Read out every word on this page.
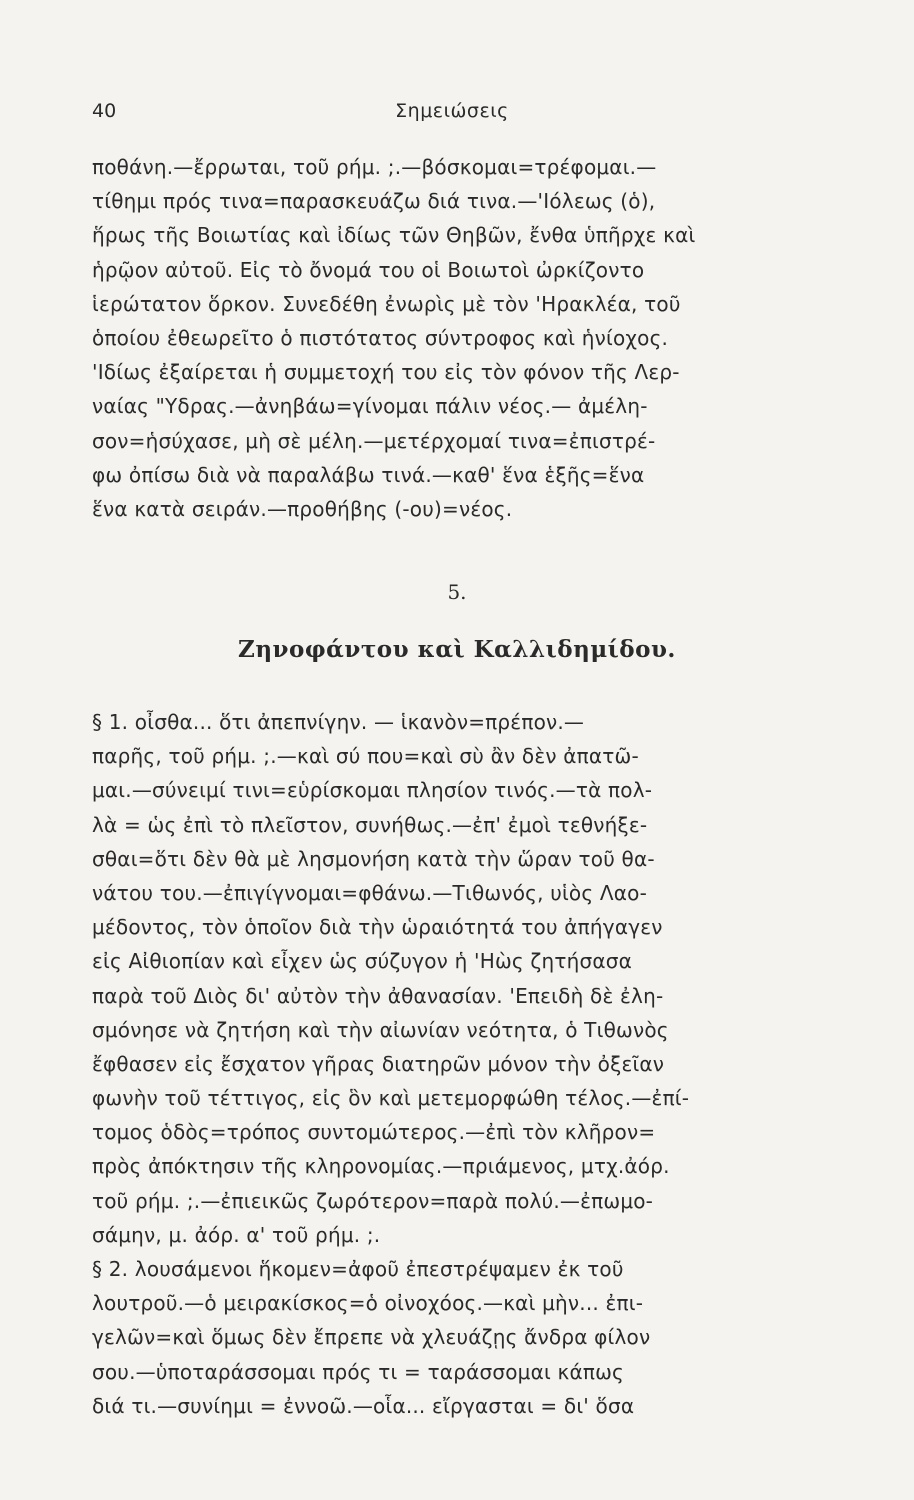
40	Σημειώσεις
ποθάνη.—ἔρρωται, τοῦ ρήμ. ;.—βόσκομαι=τρέφομαι.—
τίθημι πρός τινα=παρασκευάζω διά τινα.—'Ιόλεως (ὁ),
ἥρως τῆς Βοιωτίας καὶ ἰδίως τῶν Θηβῶν, ἔνθα ὑπῆρχε καὶ
ἡρῷον αὐτοῦ. Εἰς τὸ ὄνομά του οἱ Βοιωτοὶ ὠρκίζοντο
ἱερώτατον ὅρκον. Συνεδέθη ἐνωρὶς μὲ τὸν 'Ηρακλέα, τοῦ
ὁποίου ἐθεωρεῖτο ὁ πιστότατος σύντροφος καὶ ἡνίοχος.
'Ιδίως ἐξαίρεται ἡ συμμετοχή του εἰς τὸν φόνον τῆς Λερ-
ναίας "Υδρας.—ἀνηβάω=γίνομαι πάλιν νέος.— ἀμέλη-
σον=ἡσύχασε, μὴ σὲ μέλη.—μετέρχομαί τινα=ἐπιστρέ-
φω ὀπίσω διὰ νὰ παραλάβω τινά.—καθ' ἕνα ἑξῆς=ἕνα
ἕνα κατὰ σειράν.—προθήβης (-ου)=νέος.
5.
Ζηνοφάντου καὶ Καλλιδημίδου.
§ 1. οἶσθα... ὅτι ἀπεπνίγην. — ἱκανὸν=πρέπον.—
παρῆς, τοῦ ρήμ. ;.—καὶ σύ που=καὶ σὺ ἂν δὲν ἀπατῶ-
μαι.—σύνειμί τινι=εὑρίσκομαι πλησίον τινός.—τὰ πολ-
λὰ = ὡς ἐπὶ τὸ πλεῖστον, συνήθως.—ἐπ' ἐμοὶ τεθνήξε-
σθαι=ὅτι δὲν θὰ μὲ λησμονήση κατὰ τὴν ὥραν τοῦ θα-
νάτου του.—ἐπιγίγνομαι=φθάνω.—Τιθωνός, υἱὸς Λαο-
μέδοντος, τὸν ὁποῖον διὰ τὴν ὡραιότητά του ἀπήγαγεν
εἰς Αἰθιοπίαν καὶ εἶχεν ὡς σύζυγον ἡ 'Ηὼς ζητήσασα
παρὰ τοῦ Διὸς δι' αὐτὸν τὴν ἀθανασίαν. 'Επειδὴ δὲ ἐλη-
σμόνησε νὰ ζητήση καὶ τὴν αἰωνίαν νεότητα, ὁ Τιθωνὸς
ἔφθασεν εἰς ἔσχατον γῆρας διατηρῶν μόνον τὴν ὀξεῖαν
φωνὴν τοῦ τέττιγος, εἰς ὃν καὶ μετεμορφώθη τέλος.—ἐπί-
τομος ὁδὸς=τρόπος συντομώτερος.—ἐπὶ τὸν κλῆρον=
πρὸς ἀπόκτησιν τῆς κληρονομίας.—πριάμενος, μτχ.ἀόρ.
τοῦ ρήμ. ;.—ἐπιεικῶς ζωρότερον=παρὰ πολύ.—ἐπωμο-
σάμην, μ. ἀόρ. α' τοῦ ρήμ. ;.
§ 2. λουσάμενοι ἥκομεν=ἀφοῦ ἐπεστρέψαμεν ἐκ τοῦ
λουτροῦ.—ὁ μειρακίσκος=ὁ οἰνοχόος.—καὶ μὴν... ἐπι-
γελῶν=καὶ ὅμως δὲν ἔπρεπε νὰ χλευάζῃς ἄνδρα φίλον
σου.—ὑποταράσσομαι πρός τι = ταράσσομαι κάπως
διά τι.—συνίημι = ἐννοῶ.—οἷα... εἴργασται = δι' ὅσα
